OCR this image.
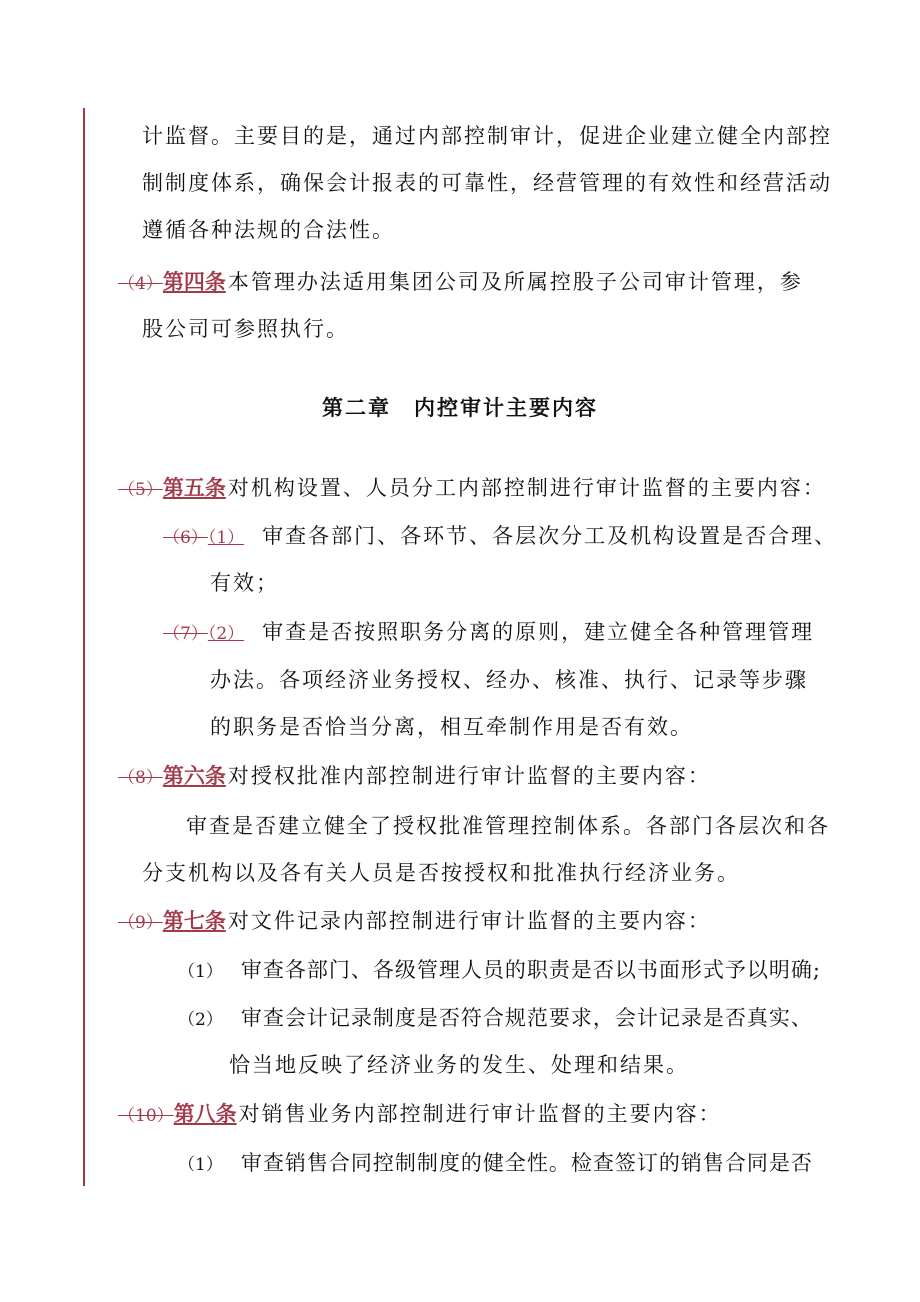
计监督。主要目的是，通过内部控制审计，促进企业建立健全内部控
制制度体系，确保会计报表的可靠性，经营管理的有效性和经营活动
遵循各种法规的合法性。
（4）第四条本管理办法适用集团公司及所属控股子公司审计管理，参
股公司可参照执行。
第二章　内控审计主要内容
（5）第五条对机构设置、人员分工内部控制进行审计监督的主要内容：
（6）（1） 审查各部门、各环节、各层次分工及机构设置是否合理、
有效；
（7）（2） 审查是否按照职务分离的原则，建立健全各种管理管理
办法。各项经济业务授权、经办、核准、执行、记录等步骤
的职务是否恰当分离，相互牵制作用是否有效。
（8）第六条对授权批准内部控制进行审计监督的主要内容：
审查是否建立健全了授权批准管理控制体系。各部门各层次和各
分支机构以及各有关人员是否按授权和批准执行经济业务。
（9）第七条对文件记录内部控制进行审计监督的主要内容：
（1） 审查各部门、各级管理人员的职责是否以书面形式予以明确;
（2） 审查会计记录制度是否符合规范要求，会计记录是否真实、
恰当地反映了经济业务的发生、处理和结果。
（10）第八条对销售业务内部控制进行审计监督的主要内容：
（1） 审查销售合同控制制度的健全性。检查签订的销售合同是否
